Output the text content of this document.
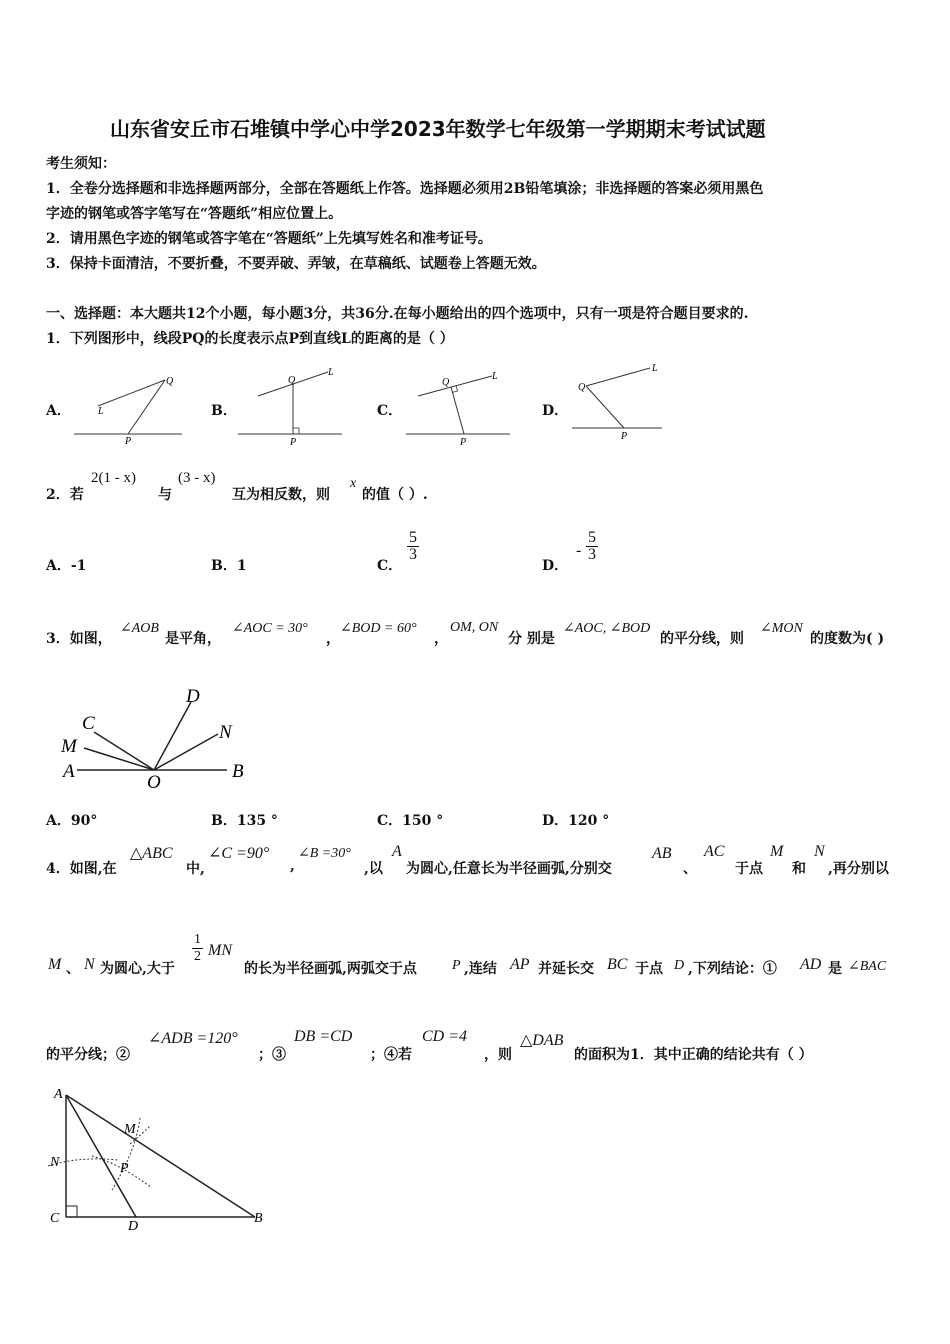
山东省安丘市石堆镇中学心中学2023年数学七年级第一学期期末考试试题
考生须知：
1．全卷分选择题和非选择题两部分，全部在答题纸上作答。选择题必须用2B铅笔填涂；非选择题的答案必须用黑色
字迹的钢笔或答字笔写在“答题纸”相应位置上。
2．请用黑色字迹的钢笔或答字笔在“答题纸”上先填写姓名和准考证号。
3．保持卡面清洁，不要折叠，不要弄破、弄皱，在草稿纸、试题卷上答题无效。
一、选择题：本大题共12个小题，每小题3分，共36分.在每小题给出的四个选项中，只有一项是符合题目要求的.
1．下列图形中，线段PQ的长度表示点P到直线L的距离的是（ ）
A．	B．	C．	D．
Q
L
P
Q
L
P
Q
L
P
Q
L
P
2．若
2(1 - x)
与
(3 - x)
互为相反数，则
x
的值（ ）.
A．-1	B．1	C．
$\frac{5}{3}$
D．
- $\frac{5}{3}$
3．如图，
∠AOB
是平角，
∠AOC = 30°
，
∠BOD = 60°
，
OM, ON
分 别是
∠AOC, ∠BOD
的平分线，则
∠MON
的度数为( )
D
C
M
N
A
O
B
A．90°	B．135 °	C．150 °	D．120 °
4．如图,在
△ABC
中,
∠C =90°
,
∠B =30°
,以
A
为圆心,任意长为半径画弧,分别交
AB
、
AC
于点
M
和
N
,再分别以
M 、 N 为圆心,大于
$\frac{1}{2}$ MN
的长为半径画弧,两弧交于点	P ,连结 AP 并延长交 BC 于点 D ,下列结论：① AD 是 ∠BAC
的平分线；②
∠ADB =120°
；③
DB =CD
；④若
CD =4
，则
△DAB
的面积为1．其中正确的结论共有（ ）
A
M
N	P
C
D
B
